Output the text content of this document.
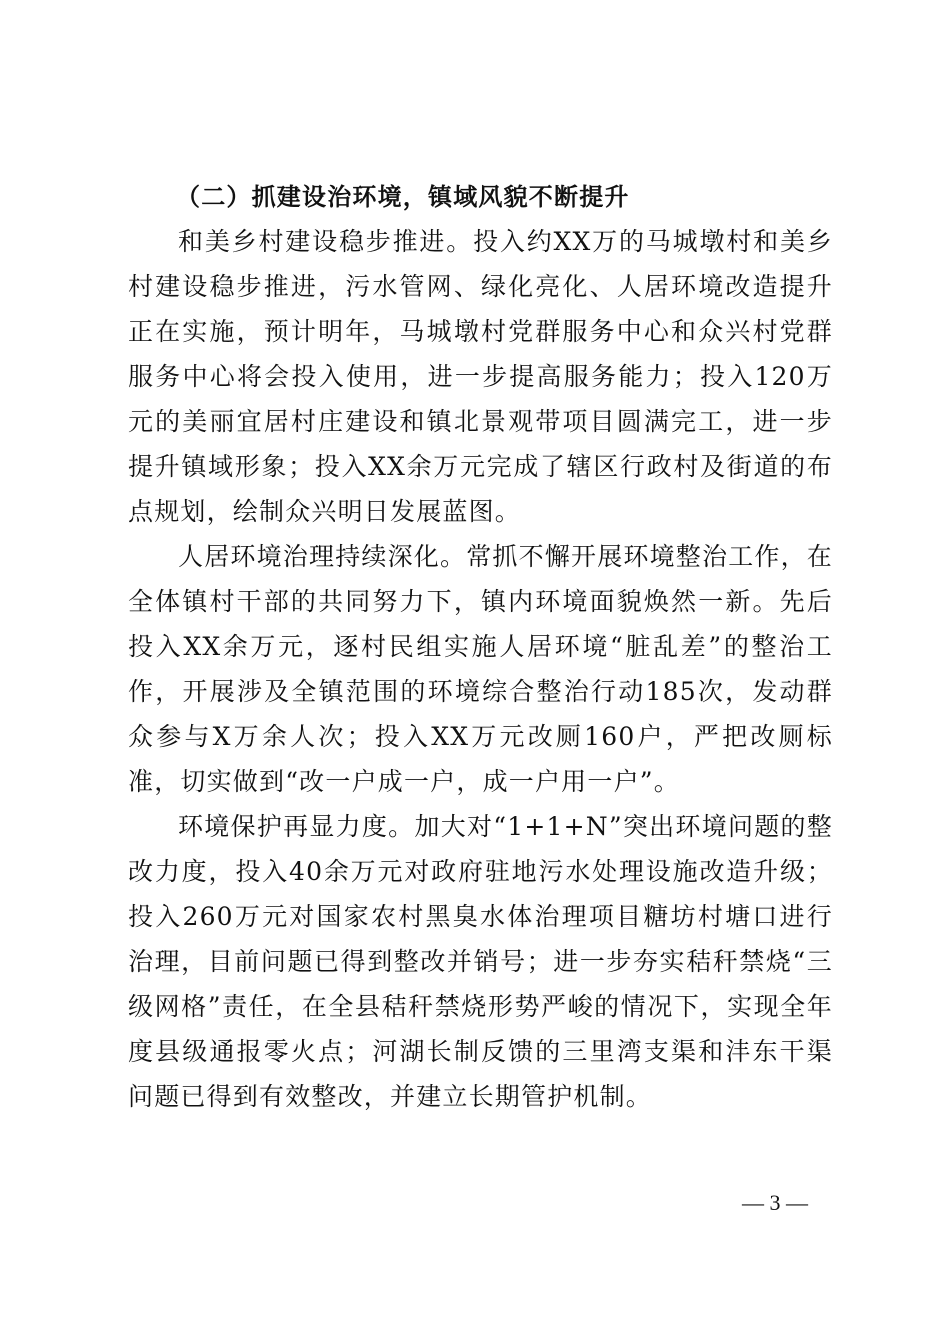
（二）抓建设治环境，镇域风貌不断提升

和美乡村建设稳步推进。投入约XX万的马城墩村和美乡村建设稳步推进，污水管网、绿化亮化、人居环境改造提升正在实施，预计明年，马城墩村党群服务中心和众兴村党群服务中心将会投入使用，进一步提高服务能力；投入120万元的美丽宜居村庄建设和镇北景观带项目圆满完工，进一步提升镇域形象；投入XX余万元完成了辖区行政村及街道的布点规划，绘制众兴明日发展蓝图。

人居环境治理持续深化。常抓不懈开展环境整治工作，在全体镇村干部的共同努力下，镇内环境面貌焕然一新。先后投入XX余万元，逐村民组实施人居环境“脏乱差”的整治工作，开展涉及全镇范围的环境综合整治行动185次，发动群众参与X万余人次；投入XX万元改厕160户，严把改厕标准，切实做到“改一户成一户，成一户用一户”。

环境保护再显力度。加大对“1+1+N”突出环境问题的整改力度，投入40余万元对政府驻地污水处理设施改造升级；投入260万元对国家农村黑臭水体治理项目糖坊村塘口进行治理，目前问题已得到整改并销号；进一步夯实秸秆禁烧“三级网格”责任，在全县秸秆禁烧形势严峻的情况下，实现全年度县级通报零火点；河湖长制反馈的三里湾支渠和沣东干渠问题已得到有效整改，并建立长期管护机制。

— 3 —
